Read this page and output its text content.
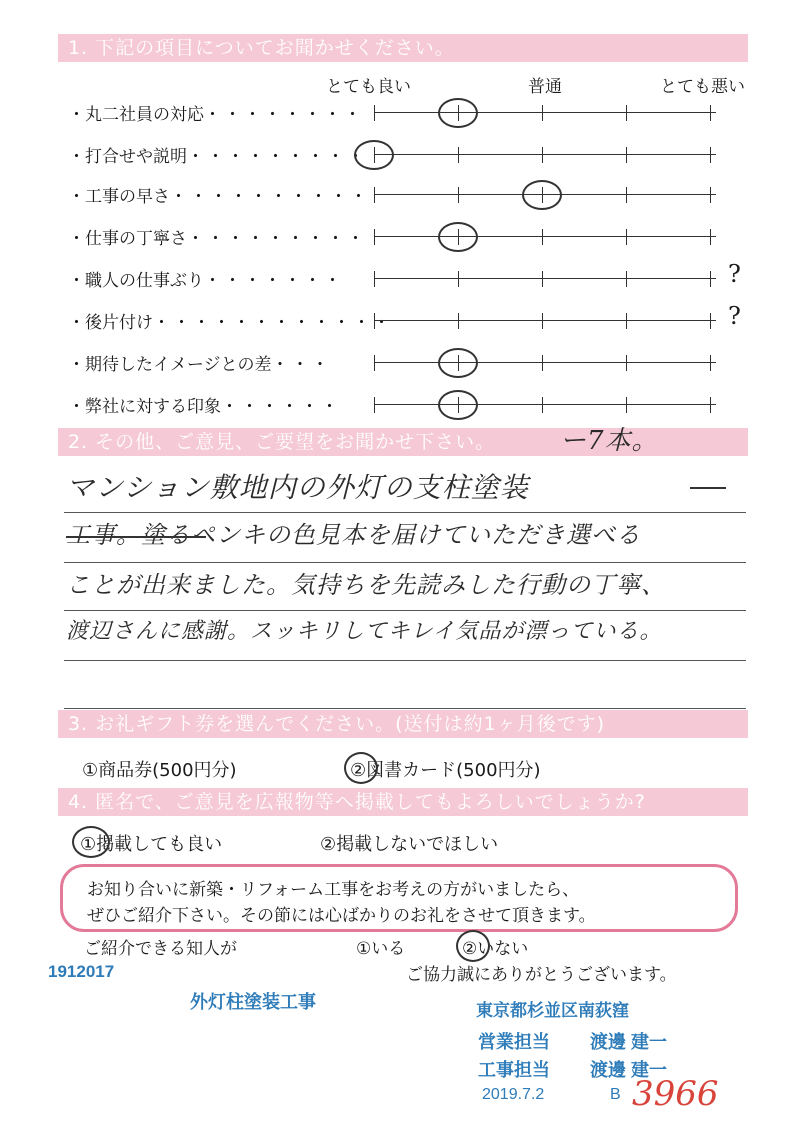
1. 下記の項目についてお聞かせください。
とても良い	普通	とても悪い
・丸二社員の対応・・・・・・・・
・打合せや説明・・・・・・・・・
・工事の早さ・・・・・・・・・・
・仕事の丁寧さ・・・・・・・・・
・職人の仕事ぶり・・・・・・・	?
・後片付け・・・・・・・・・・・・	?
・期待したイメージとの差・・・
・弊社に対する印象・・・・・・
2. その他、ご意見、ご要望をお聞かせ下さい。	ー7本。
マンション敷地内の外灯の支柱塗装
工事。塗るペンキの色見本を届けていただき選べる
ことが出来ました。気持ちを先読みした行動の丁寧、
渡辺さんに感謝。スッキリしてキレイ気品が漂っている。
3. お礼ギフト券を選んでください。(送付は約1ヶ月後です)
①商品券(500円分)	②図書カード(500円分)
4. 匿名で、ご意見を広報物等へ掲載してもよろしいでしょうか?
①掲載しても良い	②掲載しないでほしい
お知り合いに新築・リフォーム工事をお考えの方がいましたら、
ぜひご紹介下さい。その節には心ばかりのお礼をさせて頂きます。
ご紹介できる知人が	①いる	②いない
ご協力誠にありがとうございます。
1912017
外灯柱塗装工事	東京都杉並区南荻窪
営業担当 渡邊 建一
工事担当 渡邊 建一
2019.7.2	B 3966
